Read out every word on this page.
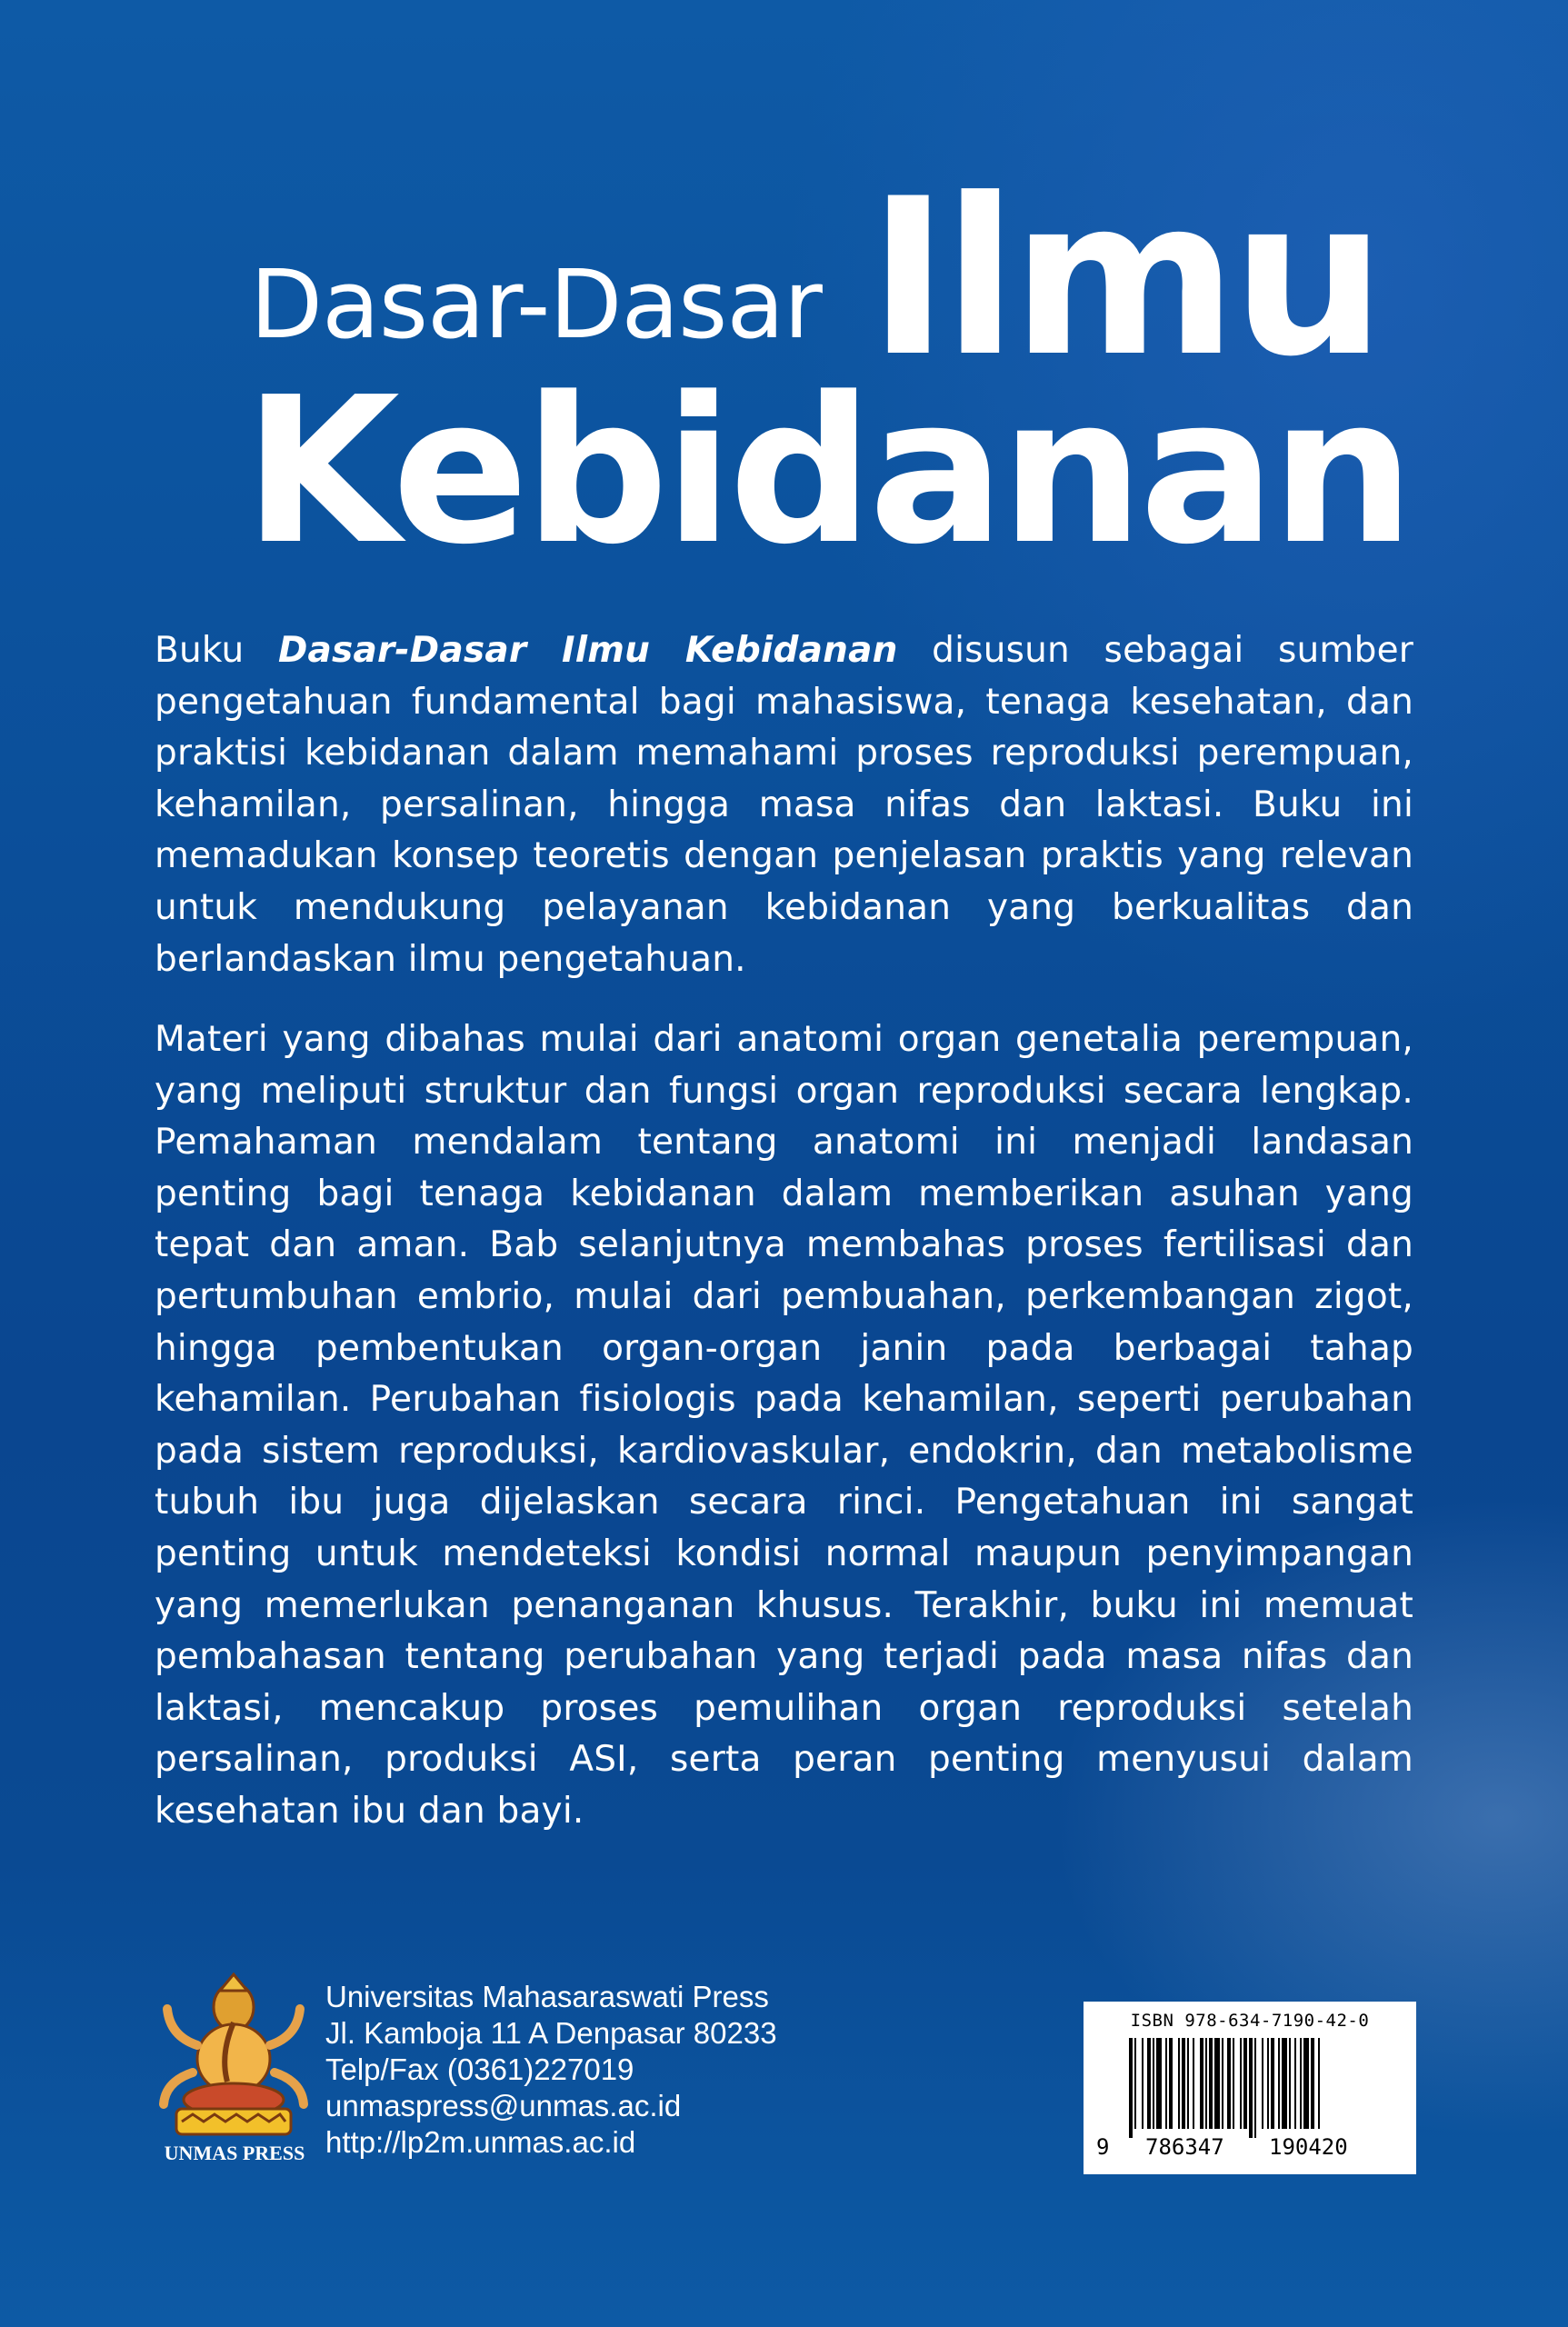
Dasar-Dasar Ilmu
Kebidanan

Buku Dasar-Dasar Ilmu Kebidanan disusun sebagai sumber pengetahuan fundamental bagi mahasiswa, tenaga kesehatan, dan praktisi kebidanan dalam memahami proses reproduksi perempuan, kehamilan, persalinan, hingga masa nifas dan laktasi. Buku ini memadukan konsep teoretis dengan penjelasan praktis yang relevan untuk mendukung pelayanan kebidanan yang berkualitas dan berlandaskan ilmu pengetahuan.

Materi yang dibahas mulai dari anatomi organ genetalia perempuan, yang meliputi struktur dan fungsi organ reproduksi secara lengkap. Pemahaman mendalam tentang anatomi ini menjadi landasan penting bagi tenaga kebidanan dalam memberikan asuhan yang tepat dan aman. Bab selanjutnya membahas proses fertilisasi dan pertumbuhan embrio, mulai dari pembuahan, perkembangan zigot, hingga pembentukan organ-organ janin pada berbagai tahap kehamilan. Perubahan fisiologis pada kehamilan, seperti perubahan pada sistem reproduksi, kardiovaskular, endokrin, dan metabolisme tubuh ibu juga dijelaskan secara rinci. Pengetahuan ini sangat penting untuk mendeteksi kondisi normal maupun penyimpangan yang memerlukan penanganan khusus. Terakhir, buku ini memuat pembahasan tentang perubahan yang terjadi pada masa nifas dan laktasi, mencakup proses pemulihan organ reproduksi setelah persalinan, produksi ASI, serta peran penting menyusui dalam kesehatan ibu dan bayi.

UNMAS PRESS
Universitas Mahasaraswati Press
Jl. Kamboja 11 A Denpasar 80233
Telp/Fax (0361)227019
unmaspress@unmas.ac.id
http://lp2m.unmas.ac.id
ISBN 978-634-7190-42-0
9 786347 190420
